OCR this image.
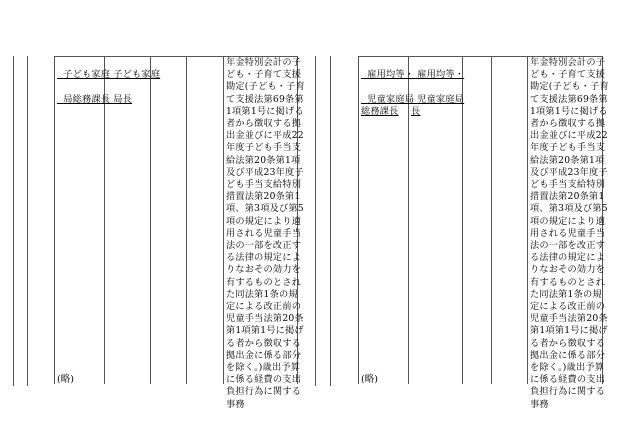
子ども家庭

局総務課長

子ども家庭

局長

年金特別会計の子
ども・子育て支援
勘定(子ども・子育
て支援法第69条第
1項第1号に掲げる
者から徴収する拠
出金並びに平成22
年度子ども手当支
給法第20条第1項
及び平成23年度子
ども手当支給特別
措置法第20条第1
項、第3項及び第5
項の規定により適
用される児童手当
法の一部を改正す
る法律の規定によ
りなおその効力を
有するものとされ
た同法第1条の規
定による改正前の
児童手当法第20条
第1項第1号に掲げ
る者から徴収する
拠出金に係る部分
を除く。)歳出予算
に係る経費の支出
負担行為に関する
事務
(略)

雇用均等・

児童家庭局
総務課長

雇用均等・

児童家庭局
長

年金特別会計の子
ども・子育て支援
勘定(子ども・子育
て支援法第69条第
1項第1号に掲げる
者から徴収する拠
出金並びに平成22
年度子ども手当支
給法第20条第1項
及び平成23年度子
ども手当支給特別
措置法第20条第1
項、第3項及び第5
項の規定により適
用される児童手当
法の一部を改正す
る法律の規定によ
りなおその効力を
有するものとされ
た同法第1条の規
定による改正前の
児童手当法第20条
第1項第1号に掲げ
る者から徴収する
拠出金に係る部分
を除く。)歳出予算
に係る経費の支出
負担行為に関する
事務
(略)
